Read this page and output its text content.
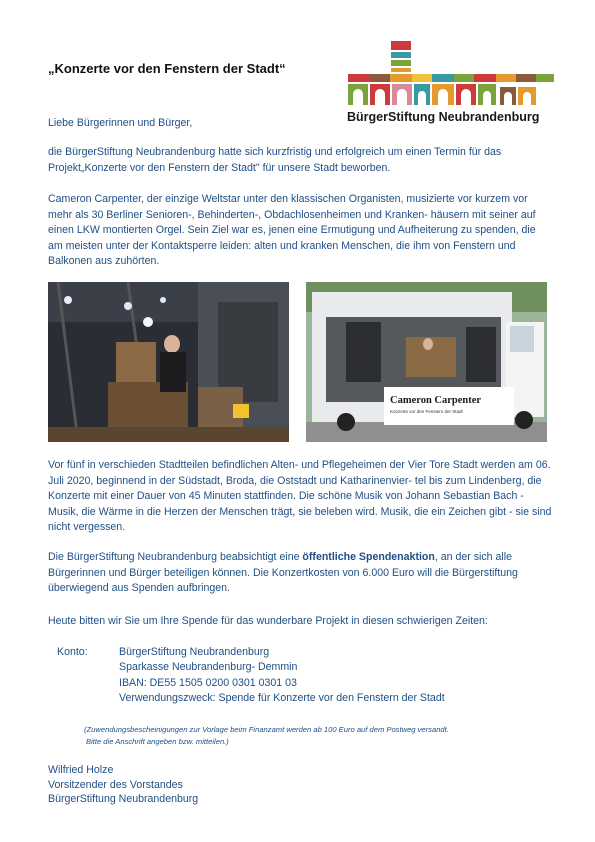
„Konzerte vor den Fenstern der Stadt“
BürgerStiftung Neubrandenburg

Liebe Bürgerinnen und Bürger,

die BürgerStiftung Neubrandenburg hatte sich kurzfristig und erfolgreich um einen Termin für das Projekt„Konzerte vor den Fenstern der Stadt" für unsere Stadt beworben.

Cameron Carpenter, der einzige Weltstar unter den klassischen Organisten, musizierte vor kurzem vor mehr als 30 Berliner Senioren-, Behinderten-, Obdachlosenheimen und Kranken- häusern mit seiner auf einen LKW montierten Orgel. Sein Ziel war es, jenen eine Ermutigung und Aufheiterung zu spenden, die am meisten unter der Kontaktsperre leiden: alten und kranken Menschen, die ihm von Fenstern und Balkonen aus zuhörten.

Cameron Carpenter
Konzerte vor den Fenstern der Stadt

Vor fünf in verschieden Stadtteilen befindlichen Alten- und Pflegeheimen der Vier Tore Stadt werden am 06. Juli 2020, beginnend in der Südstadt, Broda, die Oststadt und Katharinenvier- tel bis zum Lindenberg, die Konzerte mit einer Dauer von 45 Minuten stattfinden. Die schöne Musik von Johann Sebastian Bach - Musik, die Wärme in die Herzen der Menschen trägt, sie beleben wird. Musik, die ein Zeichen gibt - sie sind nicht vergessen.

Die BürgerStiftung Neubrandenburg beabsichtigt eine öffentliche Spendenaktion, an der sich alle Bürgerinnen und Bürger beteiligen können. Die Konzertkosten von 6.000 Euro will die Bürgerstiftung überwiegend aus Spenden aufbringen.

Heute bitten wir Sie um Ihre Spende für das wunderbare Projekt in diesen schwierigen Zeiten:

Konto:	BürgerStiftung Neubrandenburg
Sparkasse Neubrandenburg- Demmin
IBAN: DE55 1505 0200 0301 0301 03
Verwendungszweck: Spende für Konzerte vor den Fenstern der Stadt
(Zuwendungsbescheinigungen zur Vorlage beim Finanzamt werden ab 100 Euro auf dem Postweg versandt.
Bitte die Anschrift angeben bzw. mitteilen.)
Wilfried Holze
Vorsitzender des Vorstandes
BürgerStiftung Neubrandenburg
